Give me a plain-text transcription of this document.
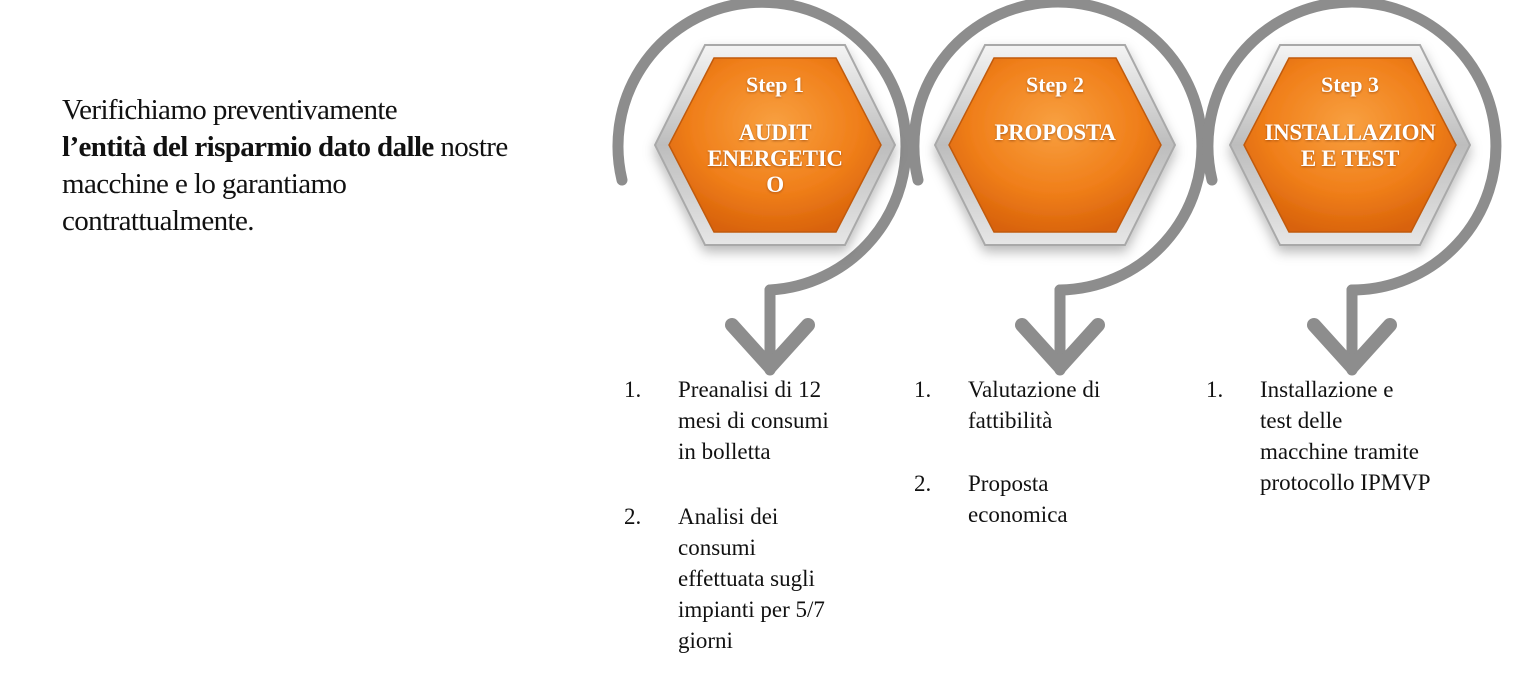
Verifichiamo preventivamente
l’entità del risparmio dato dalle nostre
macchine e lo garantiamo
contrattualmente.
Step 1
AUDIT
ENERGETIC
O
Step 2
PROPOSTA
Step 3
INSTALLAZION
E E TEST
1. Preanalisi di 12
mesi di consumi
in bolletta
2. Analisi dei
consumi
effettuata sugli
impianti per 5/7
giorni
1. Valutazione di
fattibilità
2. Proposta
economica
1. Installazione e
test delle
macchine tramite
protocollo IPMVP
